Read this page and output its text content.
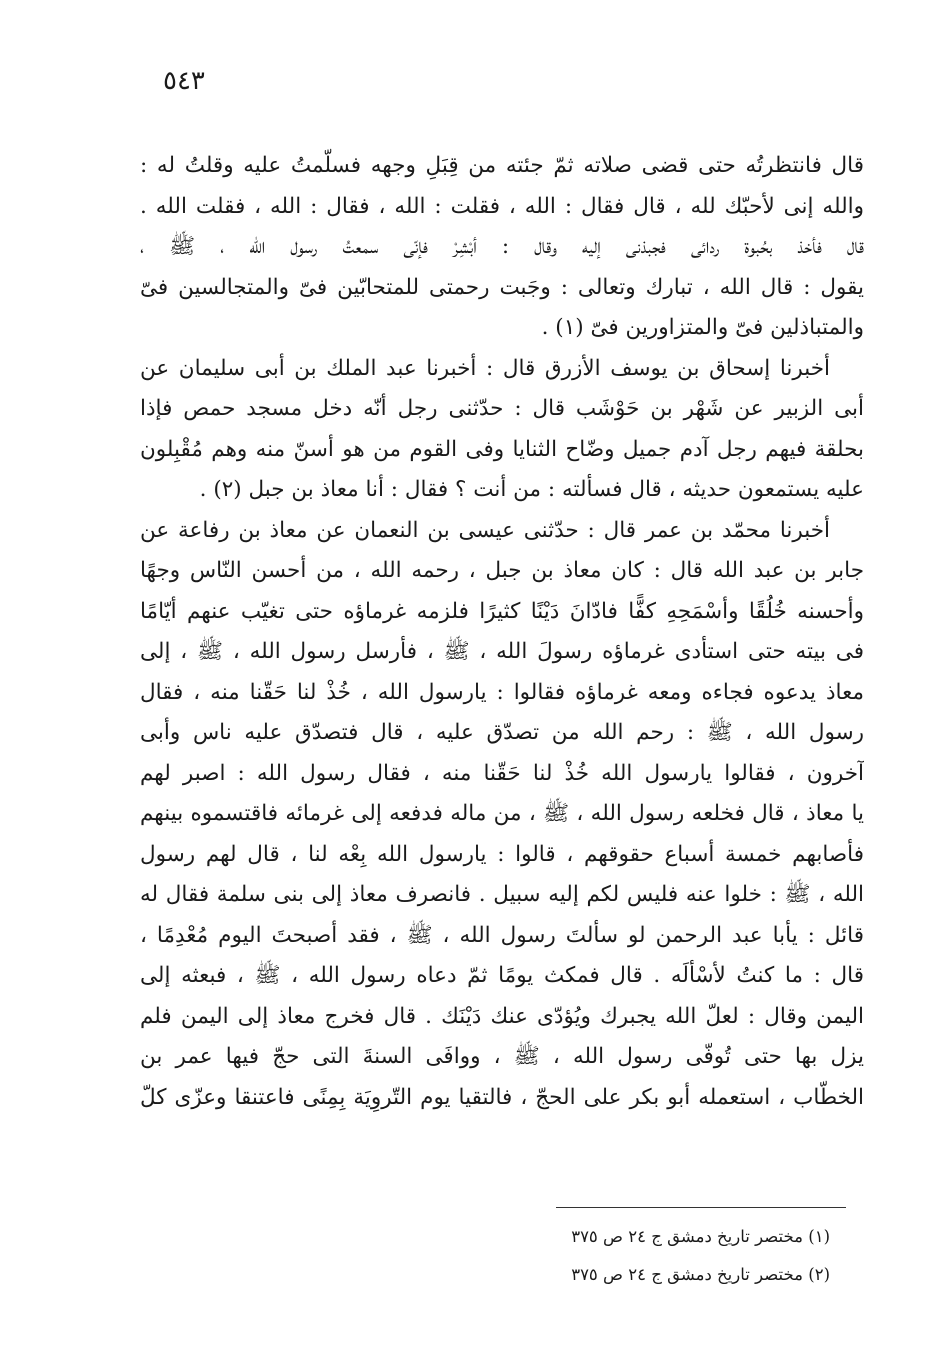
٥٤٣
قال فانتظرتُه حتى قضى صلاته ثمّ جئته من قِبَلِ وجهه فسلّمتُ عليه وقلتُ له :
والله إنى لأحبّك لله ، قال فقال : الله ، فقلت : الله ، فقال : الله ، فقلت الله .
قال فأخذ بحُبوة ردائى فجبذنى إليه وقال : أبْشِرْ فإنّى سمعتُ رسول الله ، ﷺ ،
يقول : قال الله ، تبارك وتعالى : وجَبت رحمتى للمتحابّين فىّ والمتجالسين فىّ
والمتباذلين فىّ والمتزاورين فىّ (١) .
أخبرنا إسحاق بن يوسف الأزرق قال : أخبرنا عبد الملك بن أبى سليمان عن
أبى الزبير عن شَهْر بن حَوْشَب قال : حدّثنى رجل أنّه دخل مسجد حمص فإذا
بحلقة فيهم رجل آدم جميل وضّاح الثنايا وفى القوم من هو أسنّ منه وهم مُقْبِلون
عليه يستمعون حديثه ، قال فسألته : من أنت ؟ فقال : أنا معاذ بن جبل (٢) .
أخبرنا محمّد بن عمر قال : حدّثنى عيسى بن النعمان عن معاذ بن رفاعة عن
جابر بن عبد الله قال : كان معاذ بن جبل ، رحمه الله ، من أحسن النّاس وجهًا
وأحسنه خُلُقًا وأسْمَحِهِ كفًّا فادّانَ دَيْنًا كثيرًا فلزمه غرماؤه حتى تغيّب عنهم أيّامًا
فى بيته حتى استأدى غرماؤه رسولَ الله ، ﷺ ، فأرسل رسول الله ، ﷺ ، إلى
معاذ يدعوه فجاءه ومعه غرماؤه فقالوا : يارسول الله ، خُذْ لنا حَقّنا منه ، فقال
رسول الله ، ﷺ : رحم الله من تصدّق عليه ، قال فتصدّق عليه ناس وأبى
آخرون ، فقالوا يارسول الله خُذْ لنا حَقّنا منه ، فقال رسول الله : اصبر لهم
يا معاذ ، قال فخلعه رسول الله ، ﷺ ، من ماله فدفعه إلى غرمائه فاقتسموه بينهم
فأصابهم خمسة أسباع حقوقهم ، قالوا : يارسول الله بِعْه لنا ، قال لهم رسول
الله ، ﷺ : خلوا عنه فليس لكم إليه سبيل . فانصرف معاذ إلى بنى سلمة فقال له
قائل : يأبا عبد الرحمن لو سألتَ رسول الله ، ﷺ ، فقد أصبحتَ اليوم مُعْدِمًا ،
قال : ما كنتُ لأسْألَه . قال فمكث يومًا ثمّ دعاه رسول الله ، ﷺ ، فبعثه إلى
اليمن وقال : لعلّ الله يجبرك ويُؤدّى عنك دَيْنَك . قال فخرج معاذ إلى اليمن فلم
يزل بها حتى تُوفّى رسول الله ، ﷺ ، ووافَى السنةَ التى حجّ فيها عمر بن
الخطّاب ، استعمله أبو بكر على الحجّ ، فالتقيا يوم التّروِيَة بِمِنًى فاعتنقا وعزّى كلّ
(١) مختصر تاريخ دمشق ج ٢٤ ص ٣٧٥
(٢) مختصر تاريخ دمشق ج ٢٤ ص ٣٧٥
